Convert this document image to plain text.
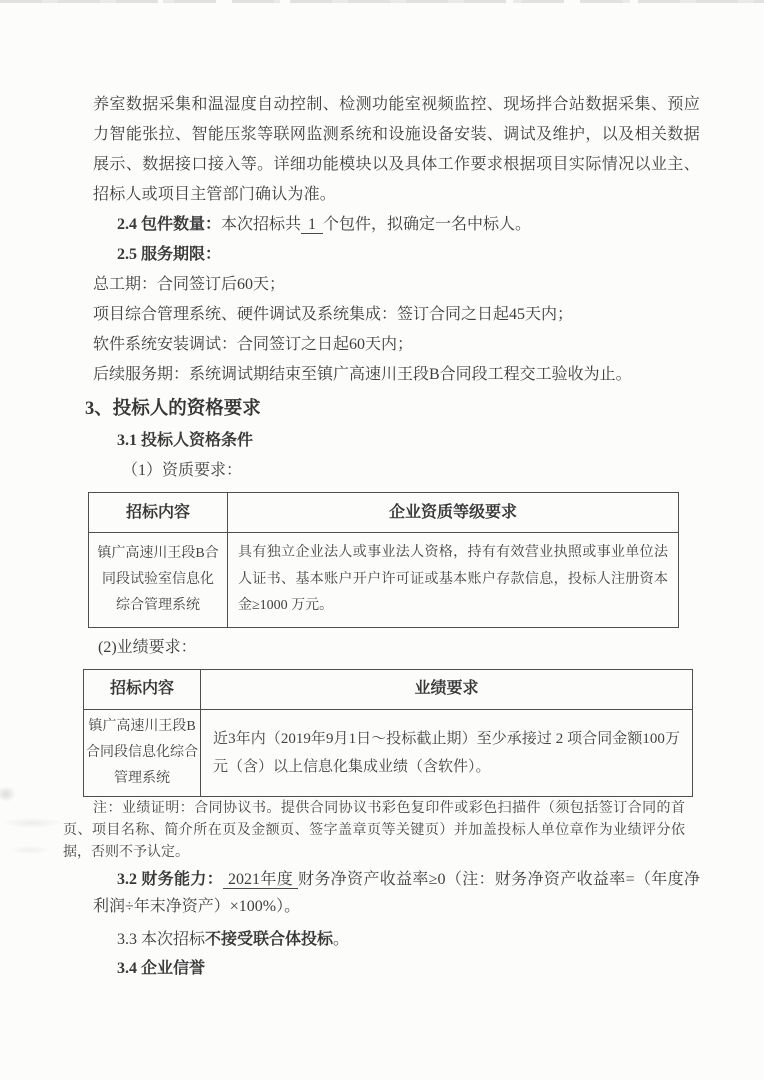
养室数据采集和温湿度自动控制、检测功能室视频监控、现场拌合站数据采集、预应力智能张拉、智能压浆等联网监测系统和设施设备安装、调试及维护，以及相关数据展示、数据接口接入等。详细功能模块以及具体工作要求根据项目实际情况以业主、招标人或项目主管部门确认为准。
2.4 包件数量：本次招标共 1 个包件，拟确定一名中标人。
2.5 服务期限：
总工期：合同签订后60天；
项目综合管理系统、硬件调试及系统集成：签订合同之日起45天内；
软件系统安装调试：合同签订之日起60天内；
后续服务期：系统调试期结束至镇广高速川王段B合同段工程交工验收为止。
3、投标人的资格要求
3.1 投标人资格条件
（1）资质要求：
招标内容	企业资质等级要求
镇广高速川王段B合同段试验室信息化综合管理系统	具有独立企业法人或事业法人资格，持有有效营业执照或事业单位法人证书、基本账户开户许可证或基本账户存款信息，投标人注册资本金≥1000 万元。
(2)业绩要求：
招标内容	业绩要求
镇广高速川王段B合同段信息化综合管理系统	近3年内（2019年9月1日～投标截止期）至少承接过 2 项合同金额100万元（含）以上信息化集成业绩（含软件）。
注：业绩证明：合同协议书。提供合同协议书彩色复印件或彩色扫描件（须包括签订合同的首页、项目名称、简介所在页及金额页、签字盖章页等关键页）并加盖投标人单位章作为业绩评分依据，否则不予认定。
3.2 财务能力： 2021年度 财务净资产收益率≥0（注：财务净资产收益率=（年度净利润÷年末净资产）×100%）。
3.3 本次招标不接受联合体投标。
3.4 企业信誉
